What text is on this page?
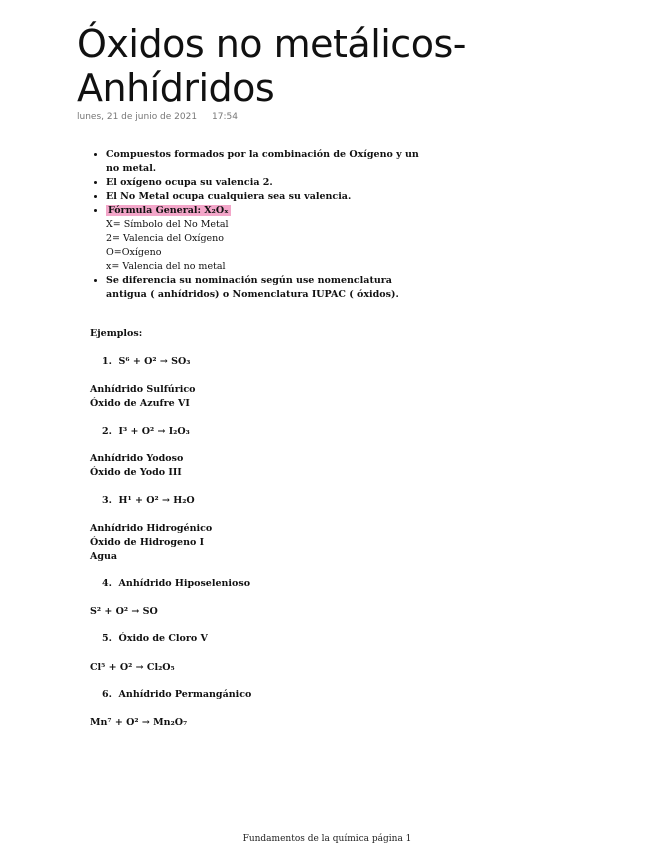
Óxidos no metálicos-
Anhídridos
lunes, 21 de junio de 2021 17:54
• Compuestos formados por la combinación de Oxígeno y un no metal.
• El oxígeno ocupa su valencia 2.
• El No Metal ocupa cualquiera sea su valencia.
• Fórmula General: X₂Oₓ
X= Símbolo del No Metal
2= Valencia del Oxígeno
O=Oxígeno
x= Valencia del no metal
• Se diferencia su nominación según use nomenclatura antigua ( anhídridos) o Nomenclatura IUPAC ( óxidos).
Ejemplos:
1. S⁶ + O² → SO₃
Anhídrido Sulfúrico
Óxido de Azufre VI
2. I³ + O² → I₂O₃
Anhídrido Yodoso
Óxido de Yodo III
3. H¹ + O² → H₂O
Anhídrido Hidrogénico
Óxido de Hidrogeno I
Agua
4. Anhídrido Hiposelenioso
S² + O² → SO
5. Óxido de Cloro V
Cl⁵ + O² → Cl₂O₅
6. Anhídrido Permangánico
Mn⁷ + O² → Mn₂O₇
Fundamentos de la química página 1
